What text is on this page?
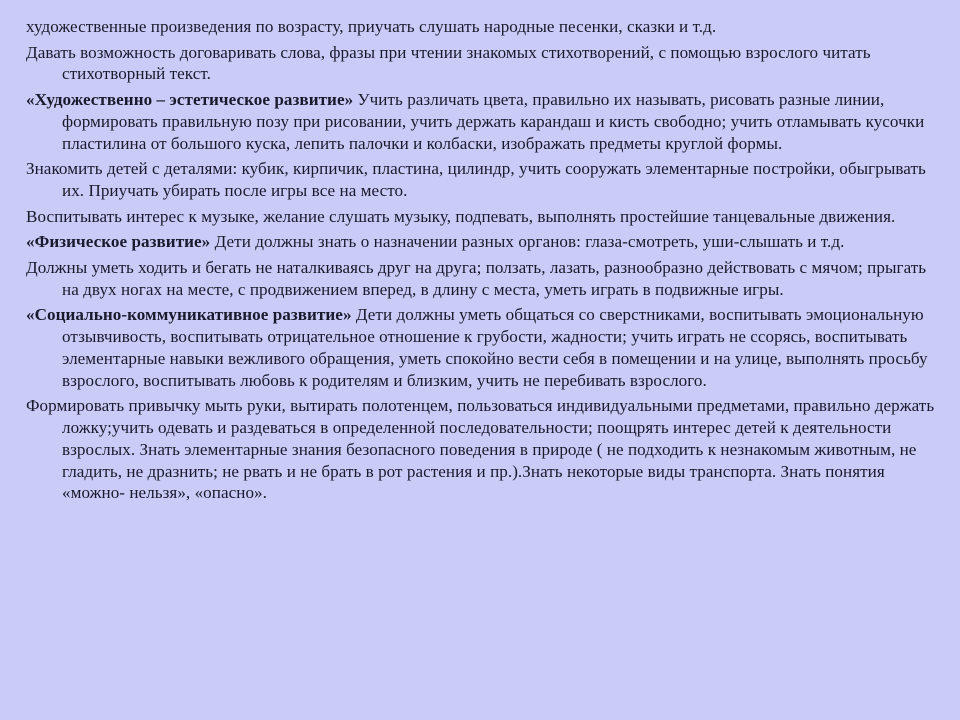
художественные произведения по возрасту, приучать слушать народные песенки, сказки и т.д.

Давать возможность договаривать слова, фразы при чтении знакомых стихотворений, с помощью взрослого читать стихотворный текст.

«Художественно – эстетическое развитие» Учить различать цвета, правильно их называть, рисовать разные линии, формировать правильную позу при рисовании, учить держать карандаш и кисть свободно; учить отламывать кусочки пластилина от большого куска, лепить палочки и колбаски, изображать предметы круглой формы.

Знакомить детей с деталями: кубик, кирпичик, пластина, цилиндр, учить сооружать элементарные постройки, обыгрывать их. Приучать убирать после игры все на место.

Воспитывать интерес к музыке, желание слушать музыку, подпевать, выполнять простейшие танцевальные движения.

«Физическое развитие» Дети должны знать о назначении разных органов: глаза-смотреть, уши-слышать и т.д.

Должны уметь ходить и бегать не наталкиваясь друг на друга; ползать, лазать, разнообразно действовать с мячом; прыгать на двух ногах на месте, с продвижением вперед, в длину с места, уметь играть в подвижные игры.

«Социально-коммуникативное развитие» Дети должны уметь общаться со сверстниками, воспитывать эмоциональную отзывчивость, воспитывать отрицательное отношение к грубости, жадности; учить играть не ссорясь, воспитывать элементарные навыки вежливого обращения, уметь спокойно вести себя в помещении и на улице, выполнять просьбу взрослого, воспитывать любовь к родителям и близким, учить не перебивать взрослого.

Формировать привычку мыть руки, вытирать полотенцем, пользоваться индивидуальными предметами, правильно держать ложку;учить одевать и раздеваться в определенной последовательности; поощрять интерес детей к деятельности взрослых. Знать элементарные знания безопасного поведения в природе ( не подходить к незнакомым животным, не гладить, не дразнить; не рвать и не брать в рот растения и пр.).Знать некоторые виды транспорта. Знать понятия «можно- нельзя», «опасно».
